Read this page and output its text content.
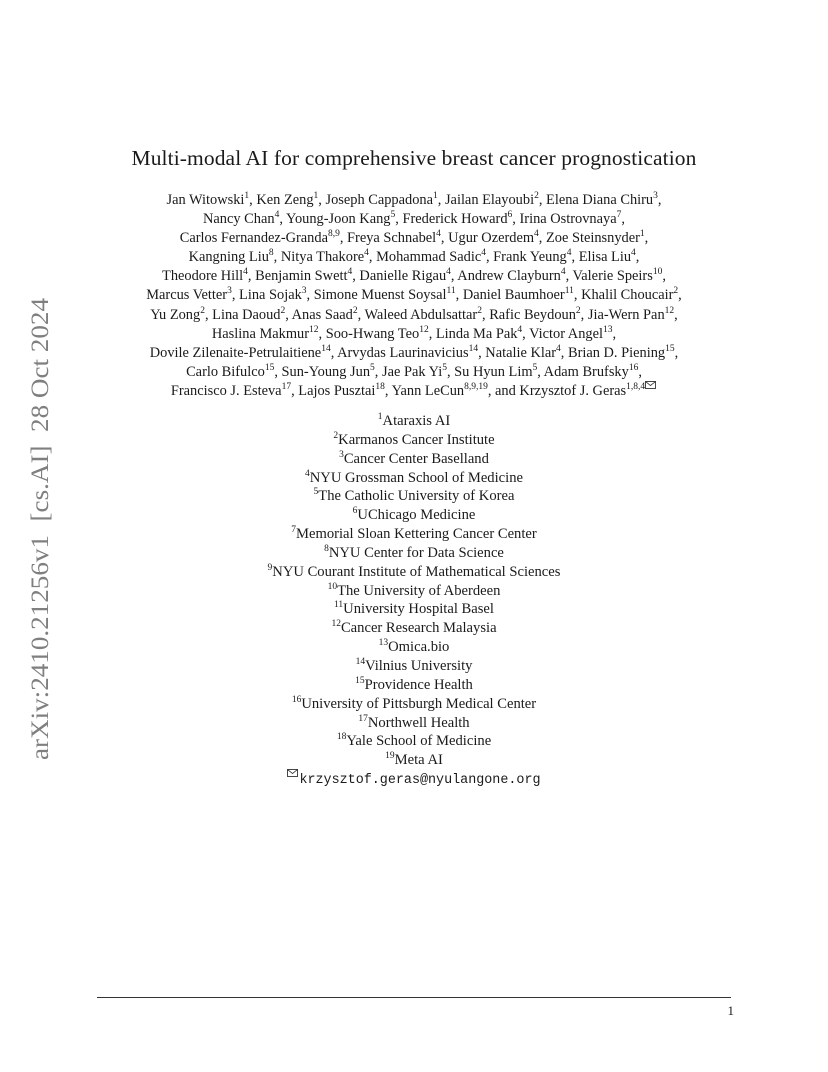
arXiv:2410.21256v1  [cs.AI]  28 Oct 2024
Multi-modal AI for comprehensive breast cancer prognostication
Jan Witowski$^1$, Ken Zeng$^1$, Joseph Cappadona$^1$, Jailan Elayoubi$^2$, Elena Diana Chiru$^3$,
Nancy Chan$^4$, Young-Joon Kang$^5$, Frederick Howard$^6$, Irina Ostrovnaya$^7$,
Carlos Fernandez-Granda$^{8,9}$, Freya Schnabel$^4$, Ugur Ozerdem$^4$, Zoe Steinsnyder$^1$,
Kangning Liu$^8$, Nitya Thakore$^4$, Mohammad Sadic$^4$, Frank Yeung$^4$, Elisa Liu$^4$,
Theodore Hill$^4$, Benjamin Swett$^4$, Danielle Rigau$^4$, Andrew Clayburn$^4$, Valerie Speirs$^{10}$,
Marcus Vetter$^3$, Lina Sojak$^3$, Simone Muenst Soysal$^{11}$, Daniel Baumhoer$^{11}$, Khalil Choucair$^2$,
Yu Zong$^2$, Lina Daoud$^2$, Anas Saad$^2$, Waleed Abdulsattar$^2$, Rafic Beydoun$^2$, Jia-Wern Pan$^{12}$,
Haslina Makmur$^{12}$, Soo-Hwang Teo$^{12}$, Linda Ma Pak$^4$, Victor Angel$^{13}$,
Dovile Zilenaite-Petrulaitiene$^{14}$, Arvydas Laurinavicius$^{14}$, Natalie Klar$^4$, Brian D. Piening$^{15}$,
Carlo Bifulco$^{15}$, Sun-Young Jun$^5$, Jae Pak Yi$^5$, Su Hyun Lim$^5$, Adam Brufsky$^{16}$,
Francisco J. Esteva$^{17}$, Lajos Pusztai$^{18}$, Yann LeCun$^{8,9,19}$, and Krzysztof J. Geras$^{1,8,4}$
$^1$Ataraxis AI
$^2$Karmanos Cancer Institute
$^3$Cancer Center Baselland
$^4$NYU Grossman School of Medicine
$^5$The Catholic University of Korea
$^6$UChicago Medicine
$^7$Memorial Sloan Kettering Cancer Center
$^8$NYU Center for Data Science
$^9$NYU Courant Institute of Mathematical Sciences
$^{10}$The University of Aberdeen
$^{11}$University Hospital Basel
$^{12}$Cancer Research Malaysia
$^{13}$Omica.bio
$^{14}$Vilnius University
$^{15}$Providence Health
$^{16}$University of Pittsburgh Medical Center
$^{17}$Northwell Health
$^{18}$Yale School of Medicine
$^{19}$Meta AI
krzysztof.geras@nyulangone.org
1
